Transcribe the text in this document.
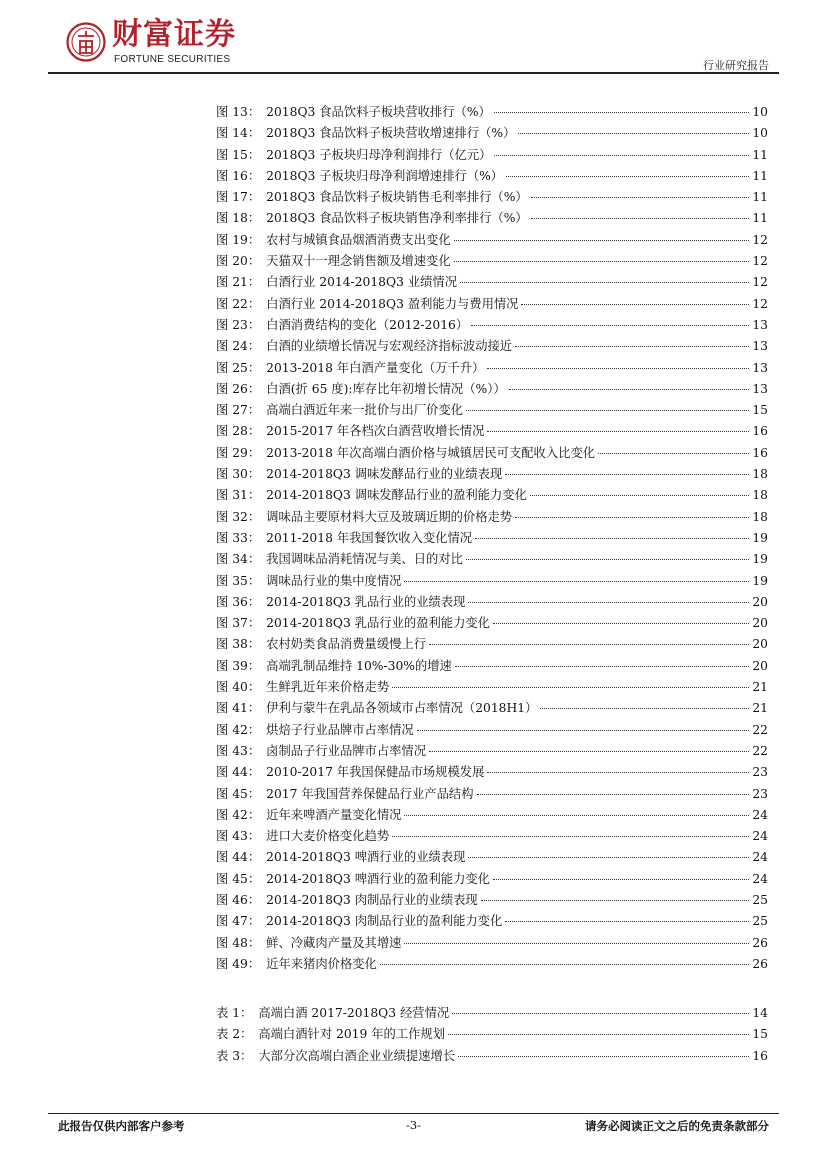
财富证券
FORTUNE SECURITIES	行业研究报告
图 13： 2018Q3 食品饮料子板块营收排行（%）	10
图 14： 2018Q3 食品饮料子板块营收增速排行（%）	10
图 15： 2018Q3 子板块归母净利润排行（亿元）	11
图 16： 2018Q3 子板块归母净利润增速排行（%）	11
图 17： 2018Q3 食品饮料子板块销售毛利率排行（%）	11
图 18： 2018Q3 食品饮料子板块销售净利率排行（%）	11
图 19： 农村与城镇食品烟酒消费支出变化	12
图 20： 天猫双十一理念销售额及增速变化	12
图 21： 白酒行业 2014-2018Q3 业绩情况	12
图 22： 白酒行业 2014-2018Q3 盈利能力与费用情况	12
图 23： 白酒消费结构的变化（2012-2016）	13
图 24： 白酒的业绩增长情况与宏观经济指标波动接近	13
图 25： 2013-2018 年白酒产量变化（万千升）	13
图 26： 白酒(折 65 度):库存比年初增长情况（%））	13
图 27： 高端白酒近年来一批价与出厂价变化	15
图 28： 2015-2017 年各档次白酒营收增长情况	16
图 29： 2013-2018 年次高端白酒价格与城镇居民可支配收入比变化	16
图 30： 2014-2018Q3 调味发酵品行业的业绩表现	18
图 31： 2014-2018Q3 调味发酵品行业的盈利能力变化	18
图 32： 调味品主要原材料大豆及玻璃近期的价格走势	18
图 33： 2011-2018 年我国餐饮收入变化情况	19
图 34： 我国调味品消耗情况与美、日的对比	19
图 35： 调味品行业的集中度情况	19
图 36： 2014-2018Q3 乳品行业的业绩表现	20
图 37： 2014-2018Q3 乳品行业的盈利能力变化	20
图 38： 农村奶类食品消费量缓慢上行	20
图 39： 高端乳制品维持 10%-30%的增速	20
图 40： 生鲜乳近年来价格走势	21
图 41： 伊利与蒙牛在乳品各领域市占率情况（2018H1）	21
图 42： 烘焙子行业品牌市占率情况	22
图 43： 卤制品子行业品牌市占率情况	22
图 44： 2010-2017 年我国保健品市场规模发展	23
图 45： 2017 年我国营养保健品行业产品结构	23
图 42： 近年来啤酒产量变化情况	24
图 43： 进口大麦价格变化趋势	24
图 44： 2014-2018Q3 啤酒行业的业绩表现	24
图 45： 2014-2018Q3 啤酒行业的盈利能力变化	24
图 46： 2014-2018Q3 肉制品行业的业绩表现	25
图 47： 2014-2018Q3 肉制品行业的盈利能力变化	25
图 48： 鲜、冷藏肉产量及其增速	26
图 49： 近年来猪肉价格变化	26
表 1： 高端白酒 2017-2018Q3 经营情况	14
表 2： 高端白酒针对 2019 年的工作规划	15
表 3： 大部分次高端白酒企业业绩提速增长	16
此报告仅供内部客户参考	-3-	请务必阅读正文之后的免责条款部分
